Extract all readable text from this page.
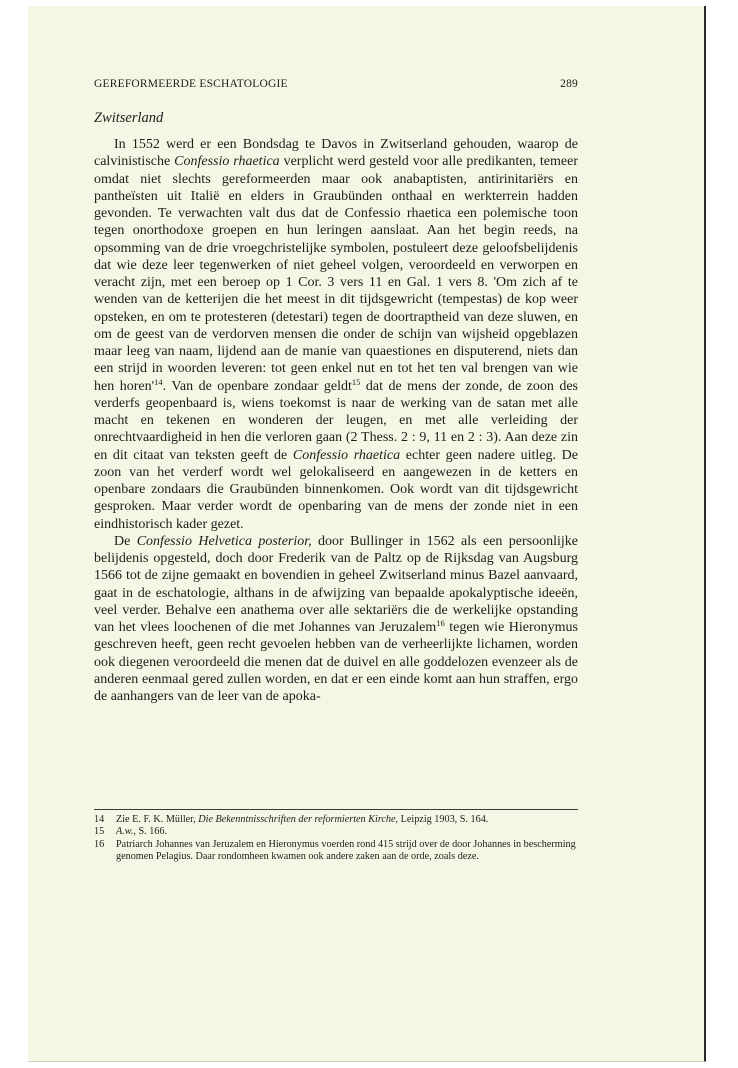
GEREFORMEERDE ESCHATOLOGIE	289
Zwitserland

In 1552 werd er een Bondsdag te Davos in Zwitserland gehouden, waarop de calvinistische Confessio rhaetica verplicht werd gesteld voor alle predikanten, temeer omdat niet slechts gereformeerden maar ook anabaptisten, antirinitariërs en pantheïsten uit Italië en elders in Graubünden onthaal en werkterrein hadden gevonden. Te verwachten valt dus dat de Confessio rhaetica een polemische toon tegen onorthodoxe groepen en hun leringen aanslaat. Aan het begin reeds, na opsomming van de drie vroegchristelijke symbolen, postuleert deze geloofsbelijdenis dat wie deze leer tegenwerken of niet geheel volgen, veroordeeld en verworpen en veracht zijn, met een beroep op 1 Cor. 3 vers 11 en Gal. 1 vers 8. 'Om zich af te wenden van de ketterijen die het meest in dit tijdsgewricht (tempestas) de kop weer opsteken, en om te protesteren (detestari) tegen de doortraptheid van deze sluwen, en om de geest van de verdorven mensen die onder de schijn van wijsheid opgeblazen maar leeg van naam, lijdend aan de manie van quaestiones en disputerend, niets dan een strijd in woorden leveren: tot geen enkel nut en tot het ten val brengen van wie hen $horen'^{14}$. Van de openbare zondaar geldt$^{15}$ dat de mens der zonde, de zoon des verderfs geopenbaard is, wiens toekomst is naar de werking van de satan met alle macht en tekenen en wonderen der leugen, en met alle verleiding der onrechtvaardigheid in hen die verloren gaan (2 Thess. 2 : 9, 11 en 2 : 3). Aan deze zin en dit citaat van teksten geeft de Confessio rhaetica echter geen nadere uitleg. De zoon van het verderf wordt wel gelokaliseerd en aangewezen in de ketters en openbare zondaars die Graubünden binnenkomen. Ook wordt van dit tijdsgewricht gesproken. Maar verder wordt de openbaring van de mens der zonde niet in een eindhistorisch kader gezet.

De Confessio Helvetica posterior, door Bullinger in 1562 als een persoonlijke belijdenis opgesteld, doch door Frederik van de Paltz op de Rijksdag van Augsburg 1566 tot de zijne gemaakt en bovendien in geheel Zwitserland minus Bazel aanvaard, gaat in de eschatologie, althans in de afwijzing van bepaalde apokalyptische ideeën, veel verder. Behalve een anathema over alle sektariërs die de werkelijke opstanding van het vlees loochenen of die met Johannes van Jeruzalem$^{16}$ tegen wie Hieronymus geschreven heeft, geen recht gevoelen hebben van de verheerlijkte lichamen, worden ook diegenen veroordeeld die menen dat de duivel en alle goddelozen evenzeer als de anderen eenmaal gered zullen worden, en dat er een einde komt aan hun straffen, ergo de aanhangers van de leer van de apoka-

14	Zie E. F. K. Müller, Die Bekenntnisschriften der reformierten Kirche, Leipzig 1903, S. 164.
15	A.w., S. 166.
16	Patriarch Johannes van Jeruzalem en Hieronymus voerden rond 415 strijd over de door Johannes in bescherming genomen Pelagius. Daar rondomheen kwamen ook andere zaken aan de orde, zoals deze.
